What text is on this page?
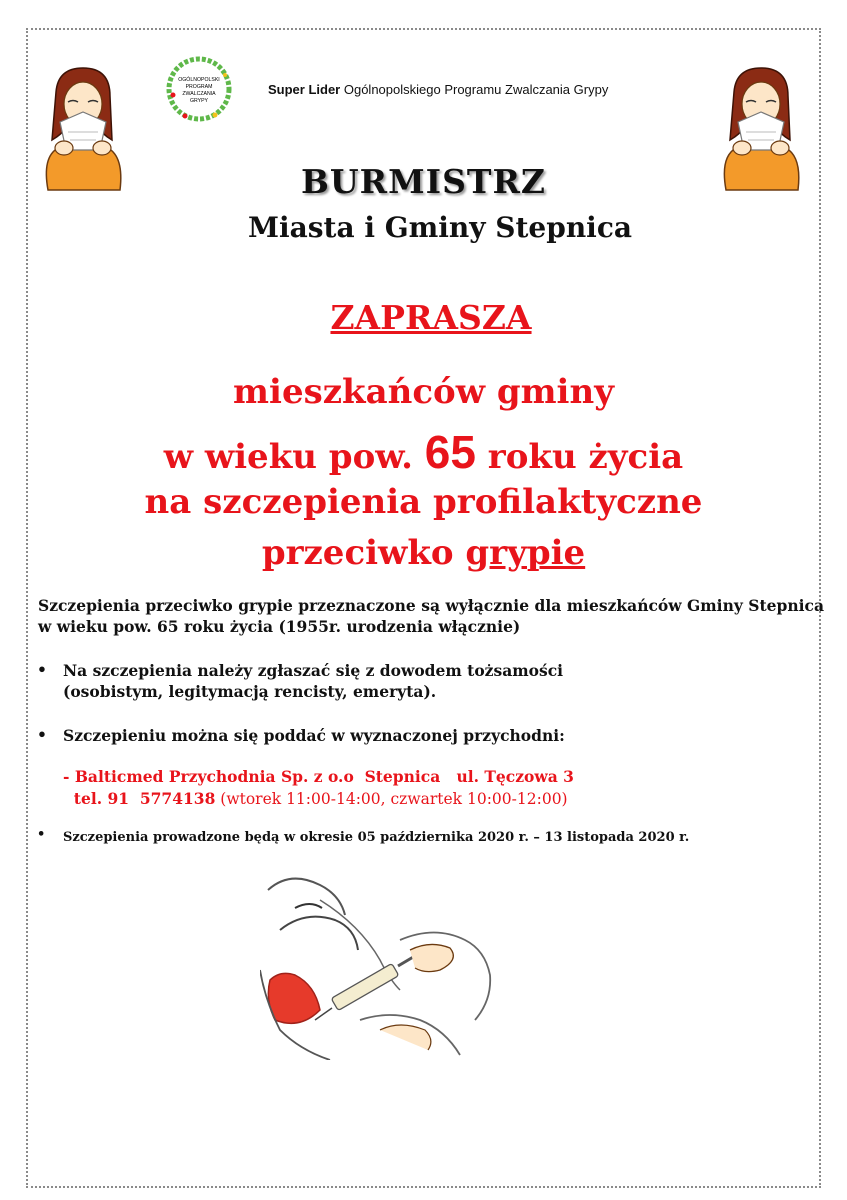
OGÓLNOPOLSKI
PROGRAM
ZWALCZANIA
GRYPY
Super Lider Ogólnopolskiego Programu Zwalczania Grypy
BURMISTRZ
Miasta i Gminy Stepnica
ZAPRASZA
mieszkańców gminy
w wieku pow. 65 roku życia
na szczepienia profilaktyczne
przeciwko grypie
Szczepienia przeciwko grypie przeznaczone są wyłącznie dla mieszkańców Gminy Stepnica w wieku pow. 65 roku życia (1955r. urodzenia włącznie)
• Na szczepienia należy zgłaszać się z dowodem tożsamości
(osobistym, legitymacją rencisty, emeryta).
• Szczepieniu można się poddać w wyznaczonej przychodni:
- Balticmed Przychodnia Sp. z o.o  Stepnica   ul. Tęczowa 3
tel. 91  5774138 (wtorek 11:00-14:00, czwartek 10:00-12:00)
• Szczepienia prowadzone będą w okresie 05 października 2020 r. – 13 listopada 2020 r.
